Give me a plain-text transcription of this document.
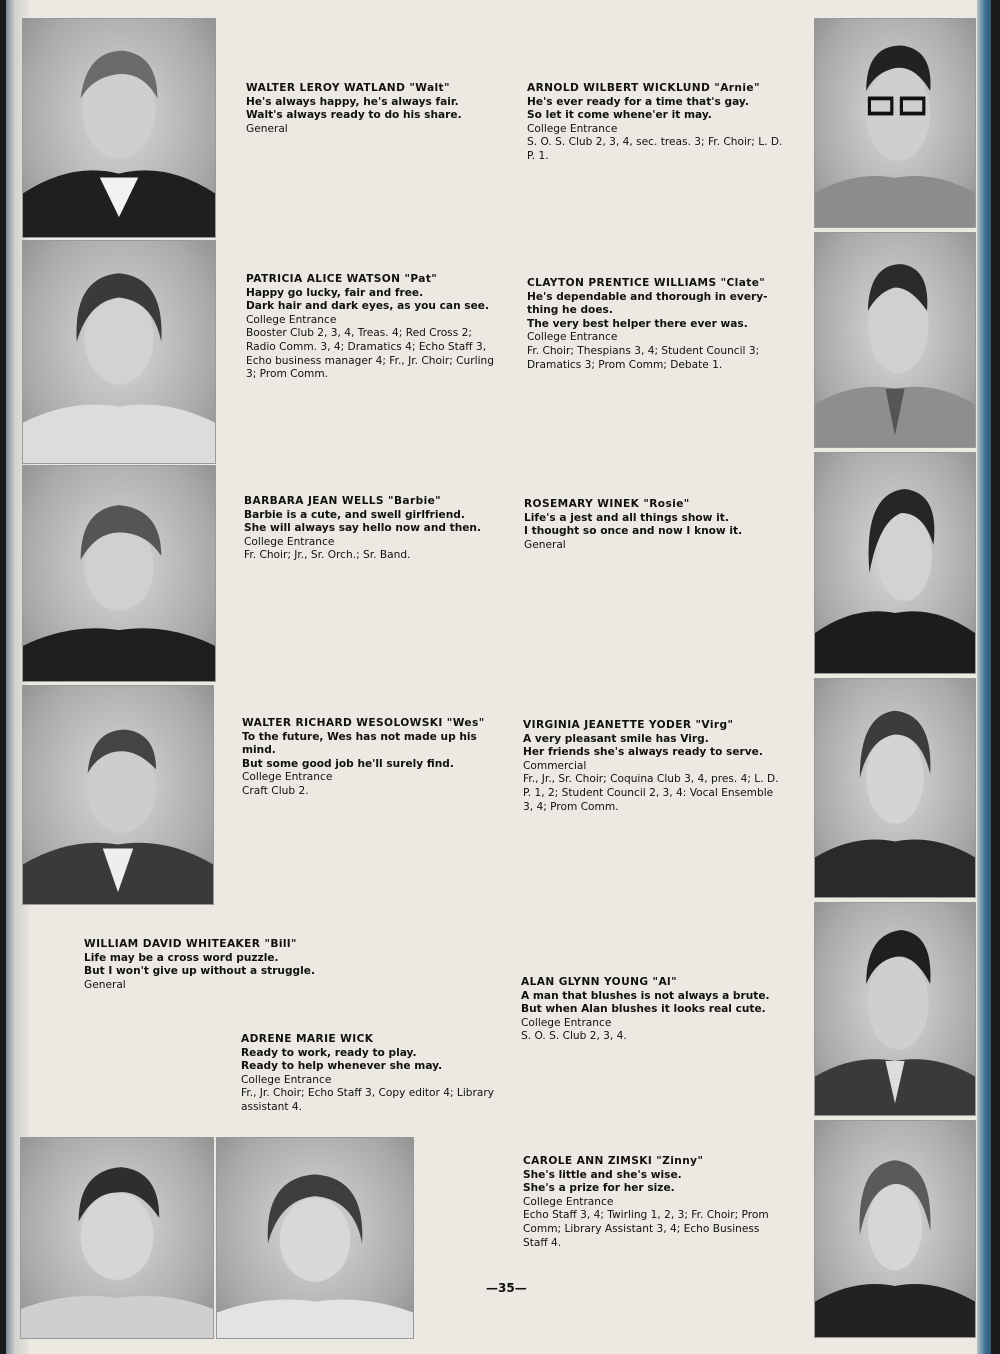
WALTER LEROY WATLAND "Walt"
He's always happy, he's always fair.
Walt's always ready to do his share.
General
ARNOLD WILBERT WICKLUND "Arnie"
He's ever ready for a time that's gay.
So let it come whene'er it may.
College Entrance
S. O. S. Club 2, 3, 4, sec. treas. 3; Fr. Choir; L. D. P. 1.
PATRICIA ALICE WATSON "Pat"
Happy go lucky, fair and free.
Dark hair and dark eyes, as you can see.
College Entrance
Booster Club 2, 3, 4, Treas. 4; Red Cross 2; Radio Comm. 3, 4; Dramatics 4; Echo Staff 3, Echo business manager 4; Fr., Jr. Choir; Curling 3; Prom Comm.
CLAYTON PRENTICE WILLIAMS "Clate"
He's dependable and thorough in every-
thing he does.
The very best helper there ever was.
College Entrance
Fr. Choir; Thespians 3, 4; Student Council 3; Dramatics 3; Prom Comm; Debate 1.
BARBARA JEAN WELLS "Barbie"
Barbie is a cute, and swell girlfriend.
She will always say hello now and then.
College Entrance
Fr. Choir; Jr., Sr. Orch.; Sr. Band.
ROSEMARY WINEK "Rosie"
Life's a jest and all things show it.
I thought so once and now I know it.
General
WALTER RICHARD WESOLOWSKI "Wes"
To the future, Wes has not made up his
mind.
But some good job he'll surely find.
College Entrance
Craft Club 2.
VIRGINIA JEANETTE YODER "Virg"
A very pleasant smile has Virg.
Her friends she's always ready to serve.
Commercial
Fr., Jr., Sr. Choir; Coquina Club 3, 4, pres. 4; L. D. P. 1, 2; Student Council 2, 3, 4: Vocal Ensemble 3, 4; Prom Comm.
WILLIAM DAVID WHITEAKER "Bill"
Life may be a cross word puzzle.
But I won't give up without a struggle.
General	ALAN GLYNN YOUNG "Al"
A man that blushes is not always a brute.
But when Alan blushes it looks real cute.
College Entrance
S. O. S. Club 2, 3, 4.
ADRENE MARIE WICK
Ready to work, ready to play.
Ready to help whenever she may.
College Entrance
Fr., Jr. Choir; Echo Staff 3, Copy editor 4; Library assistant 4.
CAROLE ANN ZIMSKI "Zinny"
She's little and she's wise.
She's a prize for her size.
College Entrance
Echo Staff 3, 4; Twirling 1, 2, 3; Fr. Choir; Prom Comm; Library Assistant 3, 4; Echo Business Staff 4.
—35—
